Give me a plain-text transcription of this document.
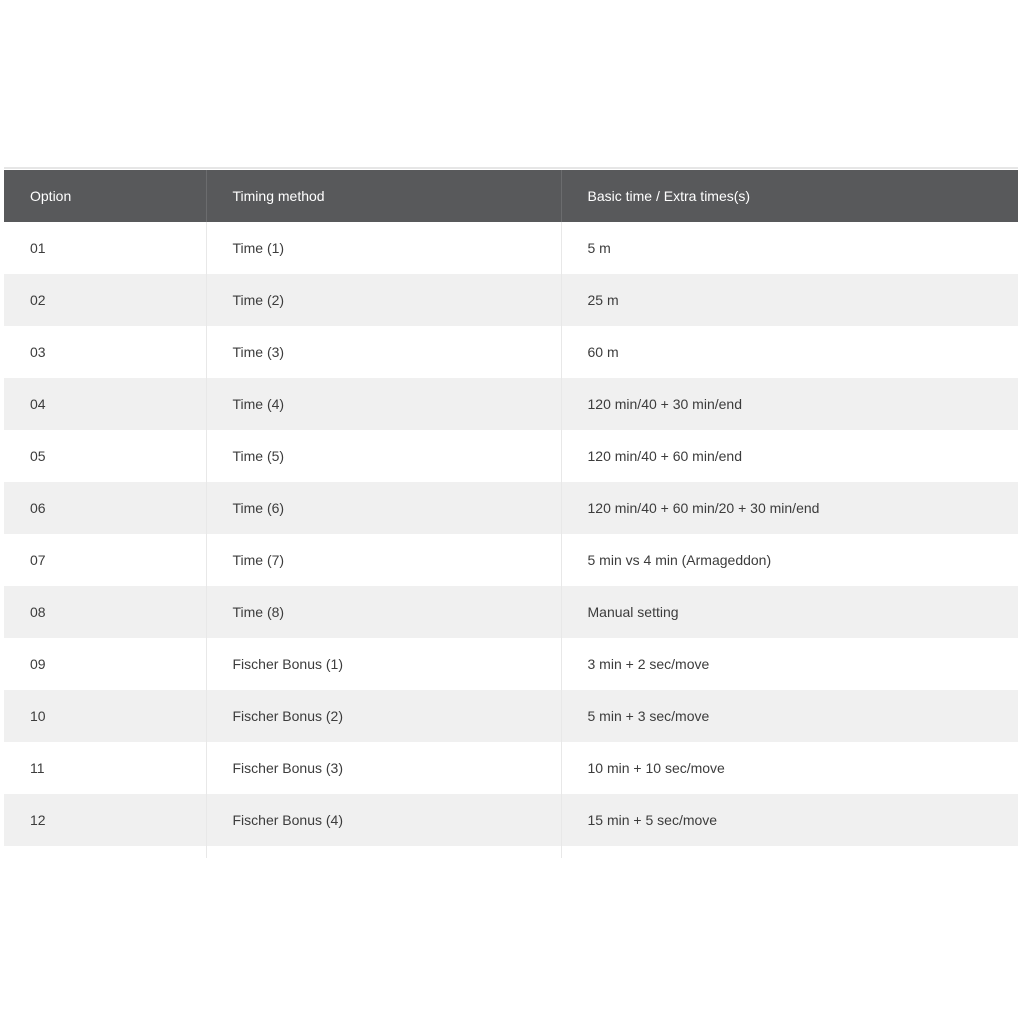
Option	Timing method	Basic time / Extra times(s)
01	Time (1)	5 m
02	Time (2)	25 m
03	Time (3)	60 m
04	Time (4)	120 min/40 + 30 min/end
05	Time (5)	120 min/40 + 60 min/end
06	Time (6)	120 min/40 + 60 min/20 + 30 min/end
07	Time (7)	5 min vs 4 min (Armageddon)
08	Time (8)	Manual setting
09	Fischer Bonus (1)	3 min + 2 sec/move
10	Fischer Bonus (2)	5 min + 3 sec/move
11	Fischer Bonus (3)	10 min + 10 sec/move
12	Fischer Bonus (4)	15 min + 5 sec/move
